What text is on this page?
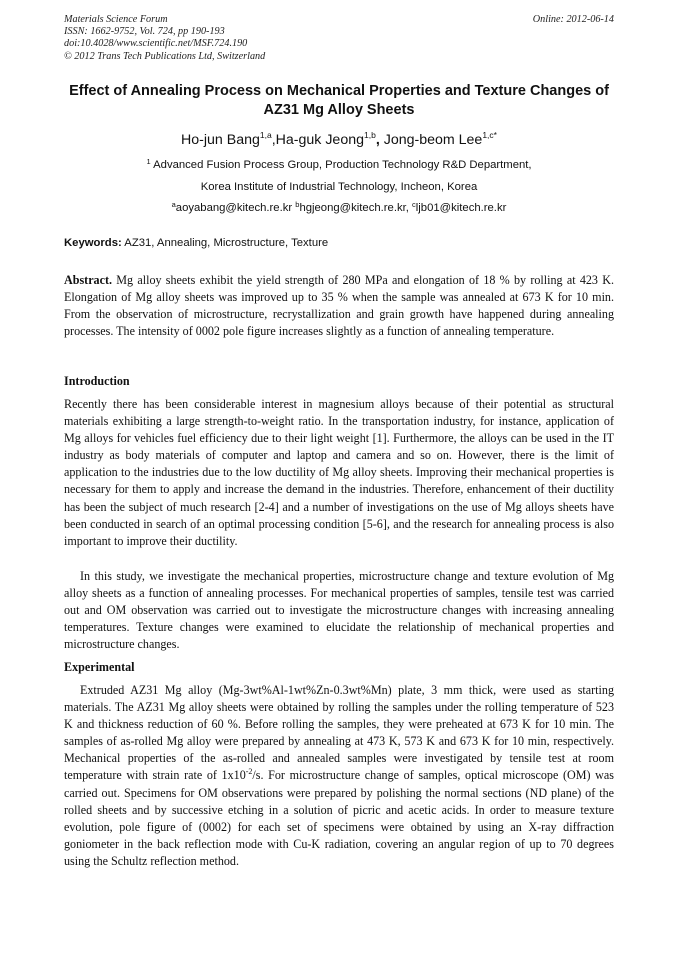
Materials Science Forum
ISSN: 1662-9752, Vol. 724, pp 190-193
doi:10.4028/www.scientific.net/MSF.724.190
© 2012 Trans Tech Publications Ltd, Switzerland
Online: 2012-06-14
Effect of Annealing Process on Mechanical Properties and Texture Changes of AZ31 Mg Alloy Sheets
Ho-jun Bang$^{1,a}$,Ha-guk Jeong$^{1,b}$, Jong-beom Lee$^{1,c*}$
$^1$ Advanced Fusion Process Group, Production Technology R&D Department,
Korea Institute of Industrial Technology, Incheon, Korea
$^a$aoyabang@kitech.re.kr $^b$hgjeong@kitech.re.kr, $^c$ljb01@kitech.re.kr
Keywords: AZ31, Annealing, Microstructure, Texture

Abstract. Mg alloy sheets exhibit the yield strength of 280 MPa and elongation of 18 % by rolling at 423 K. Elongation of Mg alloy sheets was improved up to 35 % when the sample was annealed at 673 K for 10 min. From the observation of microstructure, recrystallization and grain growth have happened during annealing processes. The intensity of 0002 pole figure increases slightly as a function of annealing temperature.

Introduction

Recently there has been considerable interest in magnesium alloys because of their potential as structural materials exhibiting a large strength-to-weight ratio. In the transportation industry, for instance, application of Mg alloys for vehicles fuel efficiency due to their light weight [1]. Furthermore, the alloys can be used in the IT industry as body materials of computer and laptop and camera and so on. However, there is the limit of application to the industries due to the low ductility of Mg alloy sheets. Improving their mechanical properties is necessary for them to apply and increase the demand in the industries. Therefore, enhancement of their ductility has been the subject of much research [2-4] and a number of investigations on the use of Mg alloys sheets have been conducted in search of an optimal processing condition [5-6], and the research for annealing process is also important to improve their ductility.

In this study, we investigate the mechanical properties, microstructure change and texture evolution of Mg alloy sheets as a function of annealing processes. For mechanical properties of samples, tensile test was carried out and OM observation was carried out to investigate the microstructure changes with increasing annealing temperatures. Texture changes were examined to elucidate the relationship of mechanical properties and microstructure changes.

Experimental

Extruded AZ31 Mg alloy (Mg-3wt%Al-1wt%Zn-0.3wt%Mn) plate, 3 mm thick, were used as starting materials. The AZ31 Mg alloy sheets were obtained by rolling the samples under the rolling temperature of 523 K and thickness reduction of 60 %. Before rolling the samples, they were preheated at 673 K for 10 min. The samples of as-rolled Mg alloy were prepared by annealing at 473 K, 573 K and 673 K for 10 min, respectively. Mechanical properties of the as-rolled and annealed samples were investigated by tensile test at room temperature with strain rate of $1x10^{-2}/s$. For microstructure change of samples, optical microscope (OM) was carried out. Specimens for OM observations were prepared by polishing the normal sections (ND plane) of the rolled sheets and by successive etching in a solution of picric and acetic acids. In order to measure texture evolution, pole figure of (0002) for each set of specimens were obtained by using an X-ray diffraction goniometer in the back reflection mode with Cu-K radiation, covering an angular region of up to 70 degrees using the Schultz reflection method.
